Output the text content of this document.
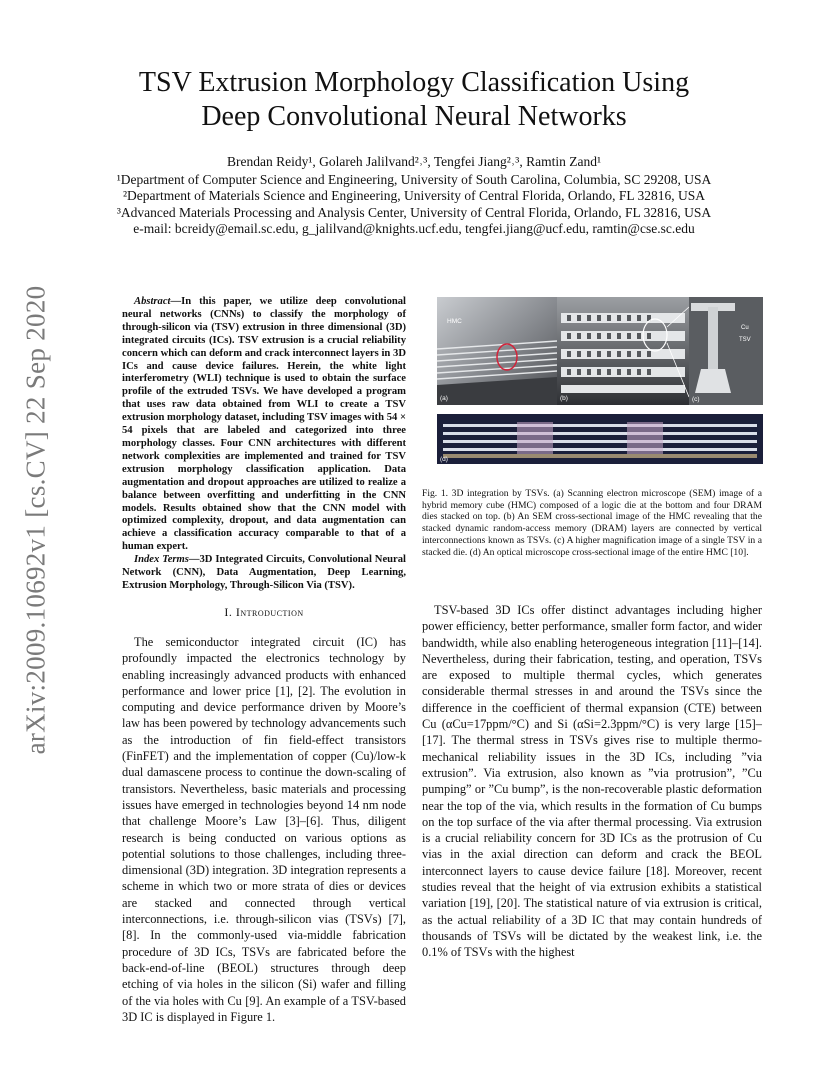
arXiv:2009.10692v1 [cs.CV] 22 Sep 2020
TSV Extrusion Morphology Classification Using
Deep Convolutional Neural Networks
Brendan Reidy¹, Golareh Jalilvand²˒³, Tengfei Jiang²˒³, Ramtin Zand¹
¹Department of Computer Science and Engineering, University of South Carolina, Columbia, SC 29208, USA
²Department of Materials Science and Engineering, University of Central Florida, Orlando, FL 32816, USA
³Advanced Materials Processing and Analysis Center, University of Central Florida, Orlando, FL 32816, USA
e-mail: bcreidy@email.sc.edu, g_jalilvand@knights.ucf.edu, tengfei.jiang@ucf.edu, ramtin@cse.sc.edu

Abstract—In this paper, we utilize deep convolutional neural networks (CNNs) to classify the morphology of through-silicon via (TSV) extrusion in three dimensional (3D) integrated circuits (ICs). TSV extrusion is a crucial reliability concern which can deform and crack interconnect layers in 3D ICs and cause device failures. Herein, the white light interferometry (WLI) technique is used to obtain the surface profile of the extruded TSVs. We have developed a program that uses raw data obtained from WLI to create a TSV extrusion morphology dataset, including TSV images with 54 × 54 pixels that are labeled and categorized into three morphology classes. Four CNN architectures with different network complexities are implemented and trained for TSV extrusion morphology classification application. Data augmentation and dropout approaches are utilized to realize a balance between overfitting and underfitting in the CNN models. Results obtained show that the CNN model with optimized complexity, dropout, and data augmentation can achieve a classification accuracy comparable to that of a human expert.

Index Terms—3D Integrated Circuits, Convolutional Neural Network (CNN), Data Augmentation, Deep Learning, Extrusion Morphology, Through-Silicon Via (TSV).

I. Introduction

The semiconductor integrated circuit (IC) has profoundly impacted the electronics technology by enabling increasingly advanced products with enhanced performance and lower price [1], [2]. The evolution in computing and device performance driven by Moore’s law has been powered by technology advancements such as the introduction of fin field-effect transistors (FinFET) and the implementation of copper (Cu)/low-k dual damascene process to continue the down-scaling of transistors. Nevertheless, basic materials and processing issues have emerged in technologies beyond 14 nm node that challenge Moore’s Law [3]–[6]. Thus, diligent research is being conducted on various options as potential solutions to those challenges, including three-dimensional (3D) integration. 3D integration represents a scheme in which two or more strata of dies or devices are stacked and connected through vertical interconnections, i.e. through-silicon vias (TSVs) [7], [8]. In the commonly-used via-middle fabrication procedure of 3D ICs, TSVs are fabricated before the back-end-of-line (BEOL) structures through deep etching of via holes in the silicon (Si) wafer and filling of the via holes with Cu [9]. An example of a TSV-based 3D IC is displayed in Figure 1.

HMC
(a)	(b)
Cu
TSV
(c)
(d)

Fig. 1. 3D integration by TSVs. (a) Scanning electron microscope (SEM) image of a hybrid memory cube (HMC) composed of a logic die at the bottom and four DRAM dies stacked on top. (b) An SEM cross-sectional image of the HMC revealing that the stacked dynamic random-access memory (DRAM) layers are connected by vertical interconnections known as TSVs. (c) A higher magnification image of a single TSV in a stacked die. (d) An optical microscope cross-sectional image of the entire HMC [10].

TSV-based 3D ICs offer distinct advantages including higher power efficiency, better performance, smaller form factor, and wider bandwidth, while also enabling heterogeneous integration [11]–[14]. Nevertheless, during their fabrication, testing, and operation, TSVs are exposed to multiple thermal cycles, which generates considerable thermal stresses in and around the TSVs since the difference in the coefficient of thermal expansion (CTE) between Cu (αCu=17ppm/°C) and Si (αSi=2.3ppm/°C) is very large [15]–[17]. The thermal stress in TSVs gives rise to multiple thermo-mechanical reliability issues in the 3D ICs, including ”via extrusion”. Via extrusion, also known as ”via protrusion”, ”Cu pumping” or ”Cu bump”, is the non-recoverable plastic deformation near the top of the via, which results in the formation of Cu bumps on the top surface of the via after thermal processing. Via extrusion is a crucial reliability concern for 3D ICs as the protrusion of Cu vias in the axial direction can deform and crack the BEOL interconnect layers to cause device failure [18]. Moreover, recent studies reveal that the height of via extrusion exhibits a statistical variation [19], [20]. The statistical nature of via extrusion is critical, as the actual reliability of a 3D IC that may contain hundreds of thousands of TSVs will be dictated by the weakest link, i.e. the 0.1% of TSVs with the highest
